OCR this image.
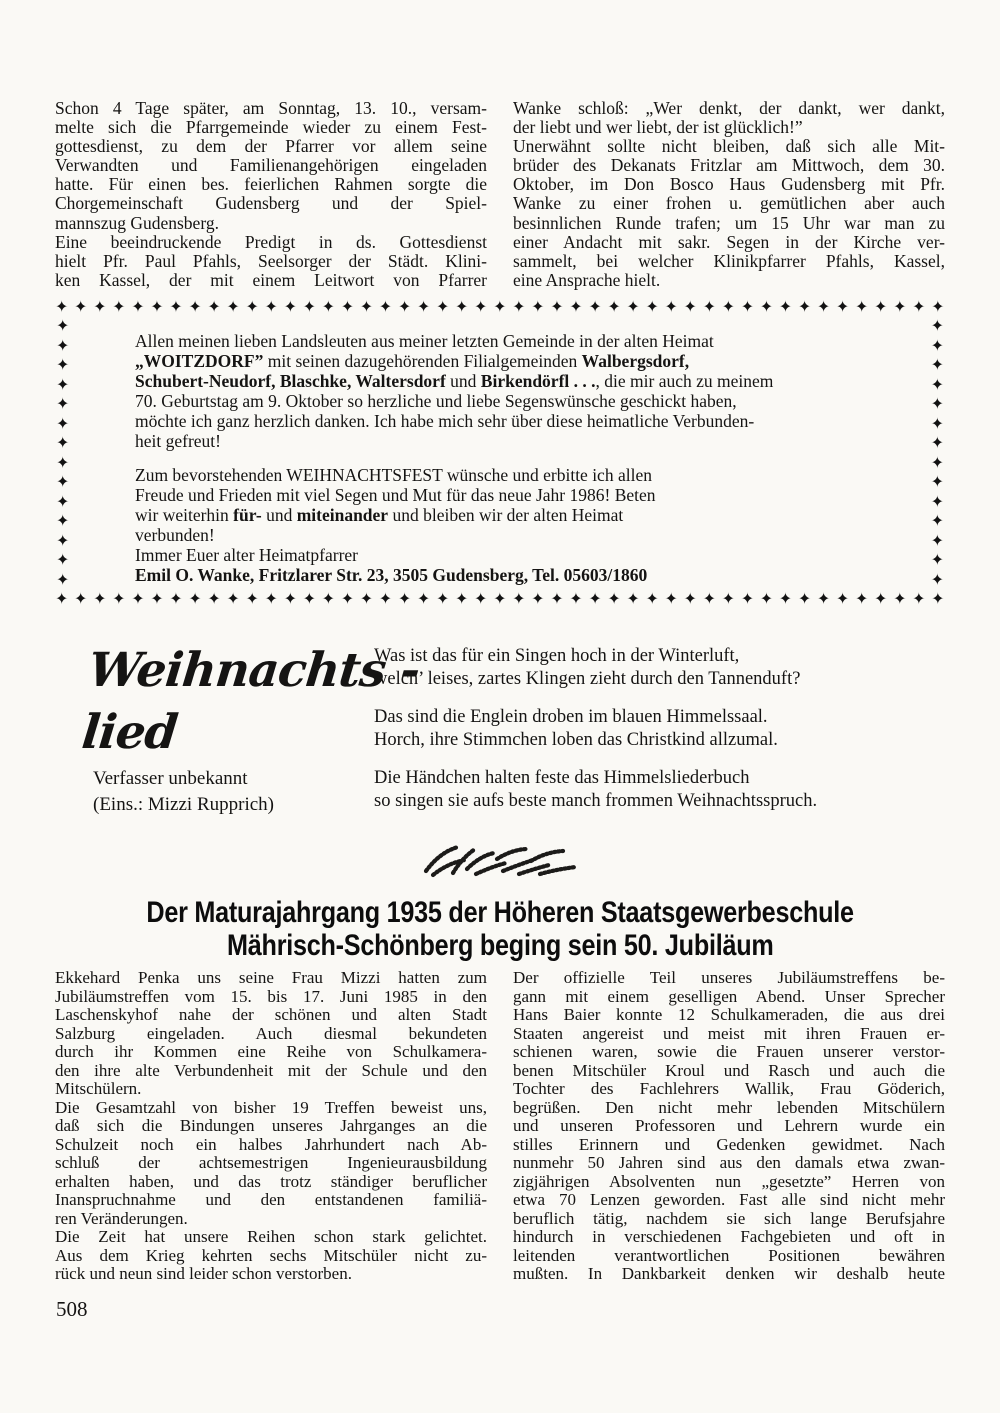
Schon 4 Tage später, am Sonntag, 13. 10., versam-
melte sich die Pfarrgemeinde wieder zu einem Fest-
gottesdienst, zu dem der Pfarrer vor allem seine
Verwandten und Familienangehörigen eingeladen
hatte. Für einen bes. feierlichen Rahmen sorgte die
Chorgemeinschaft Gudensberg und der Spiel-
mannszug Gudensberg.
Eine beeindruckende Predigt in ds. Gottesdienst
hielt Pfr. Paul Pfahls, Seelsorger der Städt. Klini-
ken Kassel, der mit einem Leitwort von Pfarrer
Wanke schloß: „Wer denkt, der dankt, wer dankt,
der liebt und wer liebt, der ist glücklich!”
Unerwähnt sollte nicht bleiben, daß sich alle Mit-
brüder des Dekanats Fritzlar am Mittwoch, dem 30.
Oktober, im Don Bosco Haus Gudensberg mit Pfr.
Wanke zu einer frohen u. gemütlichen aber auch
besinnlichen Runde trafen; um 15 Uhr war man zu
einer Andacht mit sakr. Segen in der Kirche ver-
sammelt, bei welcher Klinikpfarrer Pfahls, Kassel,
eine Ansprache hielt.
✦ ✦ ✦ ✦ ✦ ✦ ✦ ✦ ✦ ✦ ✦ ✦ ✦ ✦ ✦ ✦ ✦ ✦ ✦ ✦ ✦ ✦ ✦ ✦ ✦ ✦ ✦ ✦ ✦ ✦ ✦ ✦ ✦ ✦ ✦ ✦ ✦ ✦ ✦ ✦ ✦ ✦ ✦ ✦ ✦ ✦ ✦
✦
✦
✦
✦
✦
✦
✦
✦
✦
✦
✦
✦
✦
✦
✦
✦
✦
✦
✦
✦
✦
✦
✦
✦
✦
✦
✦
✦
✦ ✦ ✦ ✦ ✦ ✦ ✦ ✦ ✦ ✦ ✦ ✦ ✦ ✦ ✦ ✦ ✦ ✦ ✦ ✦ ✦ ✦ ✦ ✦ ✦ ✦ ✦ ✦ ✦ ✦ ✦ ✦ ✦ ✦ ✦ ✦ ✦ ✦ ✦ ✦ ✦ ✦ ✦ ✦ ✦ ✦ ✦
Allen meinen lieben Landsleuten aus meiner letzten Gemeinde in der alten Heimat
„WOITZDORF” mit seinen dazugehörenden Filialgemeinden Walbergsdorf,
Schubert-Neudorf, Blaschke, Waltersdorf und Birkendörfl . . ., die mir auch zu meinem
70. Geburtstag am 9. Oktober so herzliche und liebe Segenswünsche geschickt haben,
möchte ich ganz herzlich danken. Ich habe mich sehr über diese heimatliche Verbunden-
heit gefreut!
Zum bevorstehenden WEIHNACHTSFEST wünsche und erbitte ich allen
Freude und Frieden mit viel Segen und Mut für das neue Jahr 1986! Beten
wir weiterhin für- und miteinander und bleiben wir der alten Heimat
verbunden!
Immer Euer alter Heimatpfarrer
Emil O. Wanke, Fritzlarer Str. 23, 3505 Gudensberg, Tel. 05603/1860
Weihnachts -
lied
Verfasser unbekannt
(Eins.: Mizzi Rupprich)
Was ist das für ein Singen hoch in der Winterluft,
welch’ leises, zartes Klingen zieht durch den Tannenduft?
Das sind die Englein droben im blauen Himmelssaal.
Horch, ihre Stimmchen loben das Christkind allzumal.
Die Händchen halten feste das Himmelsliederbuch
so singen sie aufs beste manch frommen Weihnachtsspruch.
Der Maturajahrgang 1935 der Höheren Staatsgewerbeschule
Mährisch-Schönberg beging sein 50. Jubiläum
Ekkehard Penka uns seine Frau Mizzi hatten zum
Jubiläumstreffen vom 15. bis 17. Juni 1985 in den
Laschenskyhof nahe der schönen und alten Stadt
Salzburg eingeladen. Auch diesmal bekundeten
durch ihr Kommen eine Reihe von Schulkamera-
den ihre alte Verbundenheit mit der Schule und den
Mitschülern.
Die Gesamtzahl von bisher 19 Treffen beweist uns,
daß sich die Bindungen unseres Jahrganges an die
Schulzeit noch ein halbes Jahrhundert nach Ab-
schluß der achtsemestrigen Ingenieurausbildung
erhalten haben, und das trotz ständiger beruflicher
Inanspruchnahme und den entstandenen familiä-
ren Veränderungen.
Die Zeit hat unsere Reihen schon stark gelichtet.
Aus dem Krieg kehrten sechs Mitschüler nicht zu-
rück und neun sind leider schon verstorben.
Der offizielle Teil unseres Jubiläumstreffens be-
gann mit einem geselligen Abend. Unser Sprecher
Hans Baier konnte 12 Schulkameraden, die aus drei
Staaten angereist und meist mit ihren Frauen er-
schienen waren, sowie die Frauen unserer verstor-
benen Mitschüler Kroul und Rasch und auch die
Tochter des Fachlehrers Wallik, Frau Göderich,
begrüßen. Den nicht mehr lebenden Mitschülern
und unseren Professoren und Lehrern wurde ein
stilles Erinnern und Gedenken gewidmet. Nach
nunmehr 50 Jahren sind aus den damals etwa zwan-
zigjährigen Absolventen nun „gesetzte” Herren von
etwa 70 Lenzen geworden. Fast alle sind nicht mehr
beruflich tätig, nachdem sie sich lange Berufsjahre
hindurch in verschiedenen Fachgebieten und oft in
leitenden verantwortlichen Positionen bewähren
mußten. In Dankbarkeit denken wir deshalb heute
508
